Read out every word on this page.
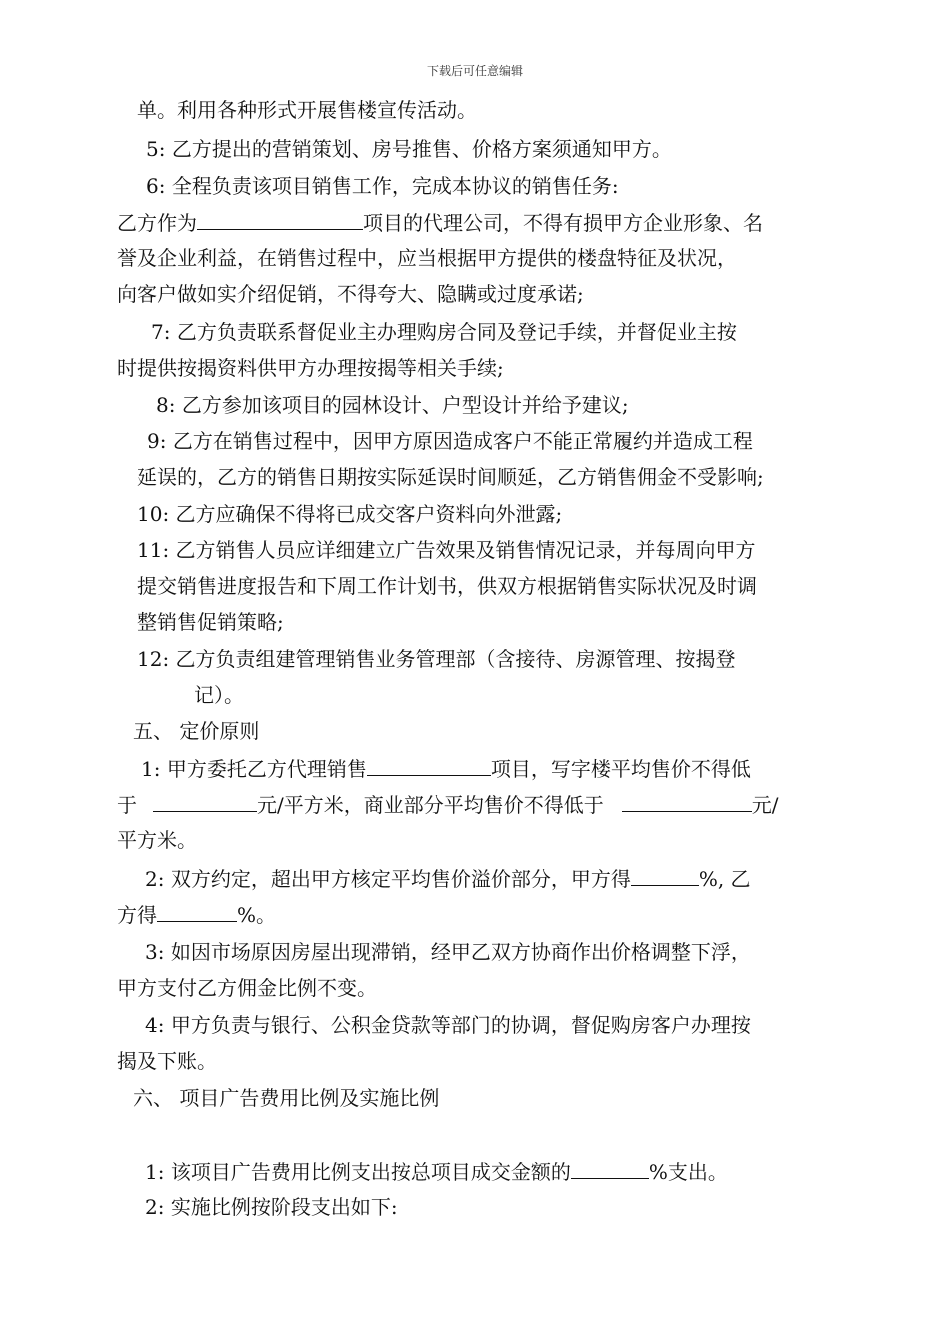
下载后可任意编辑
单。利用各种形式开展售楼宣传活动。
5: 乙方提出的营销策划、房号推售、价格方案须通知甲方。
6: 全程负责该项目销售工作，完成本协议的销售任务:
乙方作为	项目的代理公司，不得有损甲方企业形象、名
誉及企业利益，在销售过程中，应当根据甲方提供的楼盘特征及状况，
向客户做如实介绍促销，不得夸大、隐瞒或过度承诺;
7: 乙方负责联系督促业主办理购房合同及登记手续，并督促业主按
时提供按揭资料供甲方办理按揭等相关手续;
8: 乙方参加该项目的园林设计、户型设计并给予建议;
9: 乙方在销售过程中，因甲方原因造成客户不能正常履约并造成工程
延误的，乙方的销售日期按实际延误时间顺延，乙方销售佣金不受影响;
10: 乙方应确保不得将已成交客户资料向外泄露;
11: 乙方销售人员应详细建立广告效果及销售情况记录，并每周向甲方
提交销售进度报告和下周工作计划书，供双方根据销售实际状况及时调
整销售促销策略;
12: 乙方负责组建管理销售业务管理部（含接待、房源管理、按揭登
记）。
五、 定价原则
1: 甲方委托乙方代理销售	项目，写字楼平均售价不得低
于	元/平方米，商业部分平均售价不得低于	元/
平方米。
2: 双方约定，超出甲方核定平均售价溢价部分，甲方得	%, 乙
方得	%。
3: 如因市场原因房屋出现滞销，经甲乙双方协商作出价格调整下浮，
甲方支付乙方佣金比例不变。
4: 甲方负责与银行、公积金贷款等部门的协调，督促购房客户办理按
揭及下账。
六、 项目广告费用比例及实施比例
1: 该项目广告费用比例支出按总项目成交金额的	%支出。
2: 实施比例按阶段支出如下:
